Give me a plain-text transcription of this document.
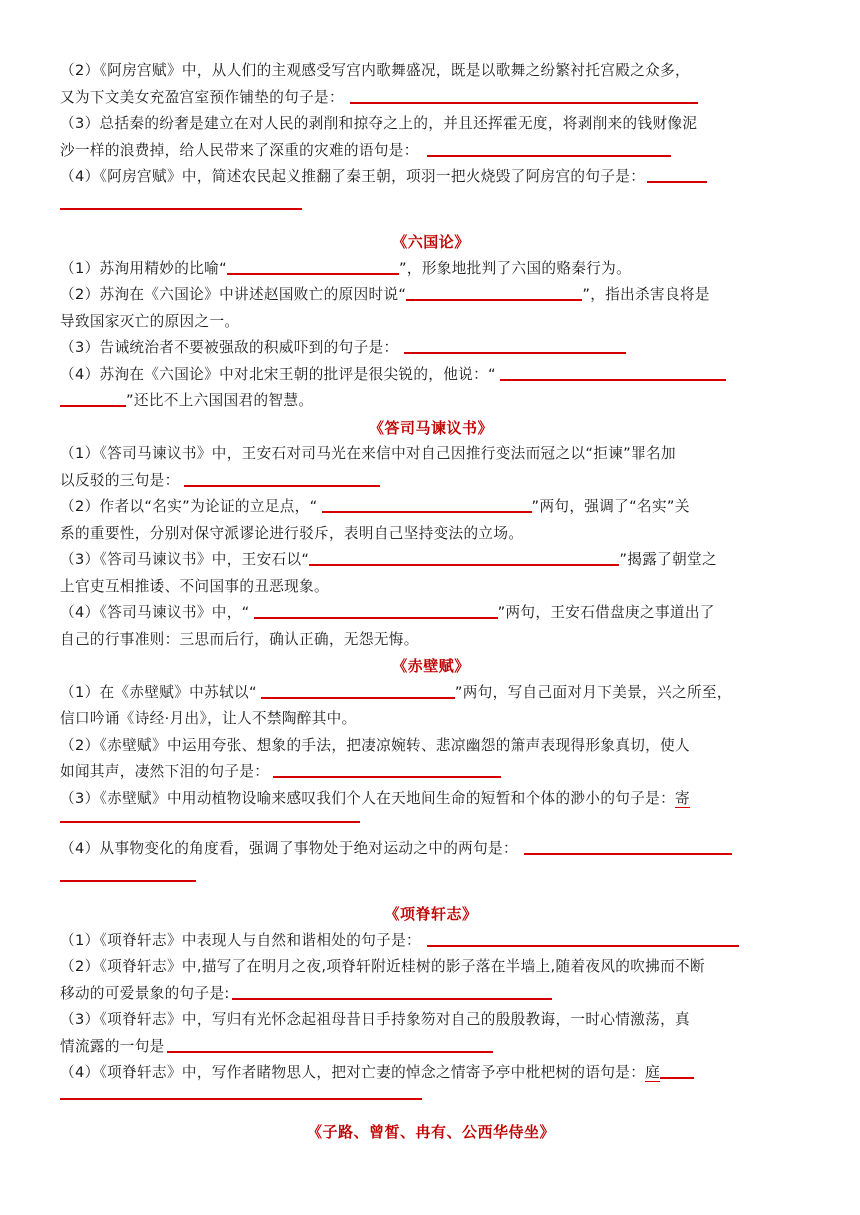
（2）《阿房宫赋》中，从人们的主观感受写宫内歌舞盛况，既是以歌舞之纷繁衬托宫殿之众多，
又为下文美女充盈宫室预作铺垫的句子是：
（3）总括秦的纷奢是建立在对人民的剥削和掠夺之上的，并且还挥霍无度，将剥削来的钱财像泥
沙一样的浪费掉，给人民带来了深重的灾难的语句是：
（4）《阿房宫赋》中，简述农民起义推翻了秦王朝，项羽一把火烧毁了阿房宫的句子是：
《六国论》
（1）苏洵用精妙的比喻“	”，形象地批判了六国的赂秦行为。
（2）苏洵在《六国论》中讲述赵国败亡的原因时说“	”，指出杀害良将是
导致国家灭亡的原因之一。
（3）告诫统治者不要被强敌的积威吓到的句子是：
（4）苏洵在《六国论》中对北宋王朝的批评是很尖锐的，他说：“
”还比不上六国国君的智慧。
《答司马谏议书》
（1）《答司马谏议书》中，王安石对司马光在来信中对自己因推行变法而冠之以“拒谏”罪名加
以反驳的三句是：
（2）作者以“名实”为论证的立足点，“	”两句，强调了“名实”关
系的重要性，分别对保守派谬论进行驳斥，表明自己坚持变法的立场。
（3）《答司马谏议书》中，王安石以“	”揭露了朝堂之
上官吏互相推诿、不问国事的丑恶现象。
（4）《答司马谏议书》中，“	”两句，王安石借盘庚之事道出了
自己的行事准则：三思而后行，确认正确，无怨无悔。
《赤壁赋》
（1）在《赤壁赋》中苏轼以“	”两句，写自己面对月下美景，兴之所至，
信口吟诵《诗经·月出》，让人不禁陶醉其中。
（2）《赤壁赋》中运用夸张、想象的手法，把凄凉婉转、悲凉幽怨的箫声表现得形象真切，使人
如闻其声，凄然下泪的句子是：
（3）《赤壁赋》中用动植物设喻来感叹我们个人在天地间生命的短暂和个体的渺小的句子是：寄
（4）从事物变化的角度看，强调了事物处于绝对运动之中的两句是：
《项脊轩志》
（1）《项脊轩志》中表现人与自然和谐相处的句子是：
（2）《项脊轩志》中,描写了在明月之夜,项脊轩附近桂树的影子落在半墙上,随着夜风的吹拂而不断
移动的可爱景象的句子是:
（3）《项脊轩志》中，写归有光怀念起祖母昔日手持象笏对自己的殷殷教诲，一时心情激荡，真
情流露的一句是
（4）《项脊轩志》中，写作者睹物思人，把对亡妻的悼念之情寄予亭中枇杷树的语句是：庭
《子路、曾皙、冉有、公西华侍坐》
